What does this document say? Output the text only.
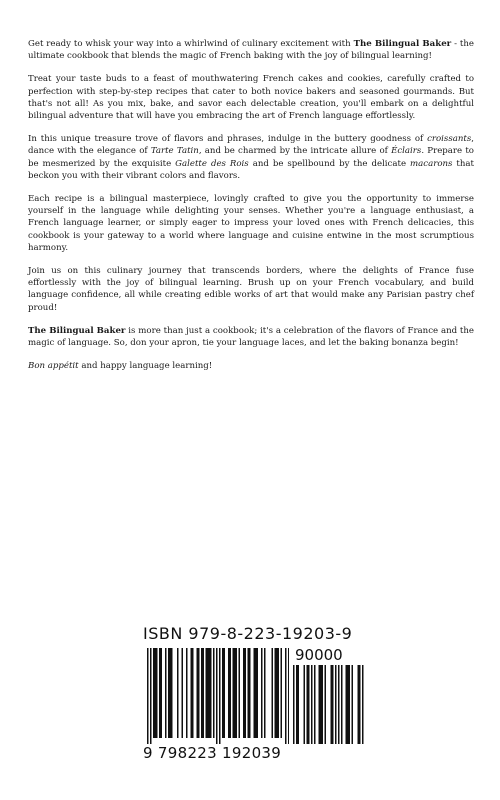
Get ready to whisk your way into a whirlwind of culinary excitement with The Bilingual Baker - the ultimate cookbook that blends the magic of French baking with the joy of bilingual learning!

Treat your taste buds to a feast of mouthwatering French cakes and cookies, carefully crafted to perfection with step-by-step recipes that cater to both novice bakers and seasoned gourmands. But that's not all! As you mix, bake, and savor each delectable creation, you'll embark on a delightful bilingual adventure that will have you embracing the art of French language effortlessly.

In this unique treasure trove of flavors and phrases, indulge in the buttery goodness of croissants, dance with the elegance of Tarte Tatin, and be charmed by the intricate allure of Éclairs. Prepare to be mesmerized by the exquisite Galette des Rois and be spellbound by the delicate macarons that beckon you with their vibrant colors and flavors.

Each recipe is a bilingual masterpiece, lovingly crafted to give you the opportunity to immerse yourself in the language while delighting your senses. Whether you're a language enthusiast, a French language learner, or simply eager to impress your loved ones with French delicacies, this cookbook is your gateway to a world where language and cuisine entwine in the most scrumptious harmony.

Join us on this culinary journey that transcends borders, where the delights of France fuse effortlessly with the joy of bilingual learning. Brush up on your French vocabulary, and build language confidence, all while creating edible works of art that would make any Parisian pastry chef proud!

The Bilingual Baker is more than just a cookbook; it's a celebration of the flavors of France and the magic of language. So, don your apron, tie your language laces, and let the baking bonanza begin!

Bon appétit and happy language learning!

ISBN 979-8-223-19203-9
90000
9 798223 192039
